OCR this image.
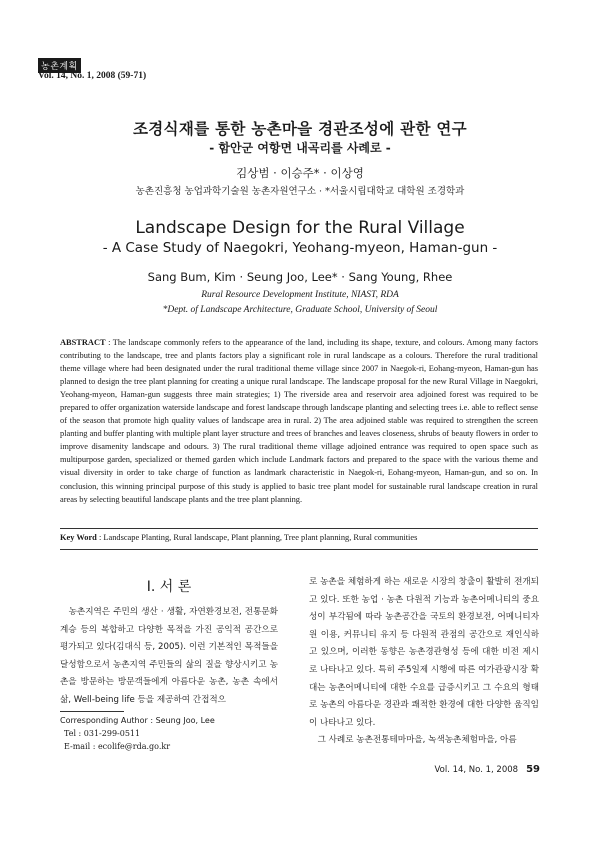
농촌계획
Vol. 14, No. 1, 2008 (59-71)
조경식재를 통한 농촌마을 경관조성에 관한 연구
- 함안군 여항면 내곡리를 사례로 -
김상범 · 이승주* · 이상영
농촌진흥청 농업과학기술원 농촌자원연구소 · *서울시립대학교 대학원 조경학과
Landscape Design for the Rural Village
- A Case Study of Naegokri, Yeohang-myeon, Haman-gun -
Sang Bum, Kim · Seung Joo, Lee* · Sang Young, Rhee
Rural Resource Development Institute, NIAST, RDA
*Dept. of Landscape Architecture, Graduate School, University of Seoul
ABSTRACT : The landscape commonly refers to the appearance of the land, including its shape, texture, and colours. Among many factors contributing to the landscape, tree and plants factors play a significant role in rural landscape as a colours. Therefore the rural traditional theme village where had been designated under the rural traditional theme village since 2007 in Naegok-ri, Eohang-myeon, Haman-gun has planned to design the tree plant planning for creating a unique rural landscape. The landscape proposal for the new Rural Village in Naegokri, Yeohang-myeon, Haman-gun suggests three main strategies; 1) The riverside area and reservoir area adjoined forest was required to be prepared to offer organization waterside landscape and forest landscape through landscape planting and selecting trees i.e. able to reflect sense of the season that promote high quality values of landscape area in rural. 2) The area adjoined stable was required to strengthen the screen planting and buffer planting with multiple plant layer structure and trees of branches and leaves closeness, shrubs of beauty flowers in order to improve disamenity landscape and odours. 3) The rural traditional theme village adjoined entrance was required to open space such as multipurpose garden, specialized or themed garden which include Landmark factors and prepared to the space with the various theme and visual diversity in order to take charge of function as landmark characteristic in Naegok-ri, Eohang-myeon, Haman-gun, and so on. In conclusion, this winning principal purpose of this study is applied to basic tree plant model for sustainable rural landscape creation in rural areas by selecting beautiful landscape plants and the tree plant planning.
Key Word : Landscape Planting, Rural landscape, Plant planning, Tree plant planning, Rural communities
I. 서 론
농촌지역은 주민의 생산 · 생활, 자연환경보전, 전통문화계승 등의 복합하고 다양한 목적을 가진 공익적 공간으로 평가되고 있다(김대식 등, 2005). 이런 기본적인 목적들을 달성함으로서 농촌지역 주민들의 삶의 질을 향상시키고 농촌을 방문하는 방문객들에게 아름다운 농촌, 농촌 속에서 삶, Well-being life 등을 제공하여 간접적으

로 농촌을 체험하게 하는 새로운 시장의 창출이 활발히 전개되고 있다. 또한 농업 · 농촌 다원적 기능과 농촌어메니티의 중요성이 부각됨에 따라 농촌공간을 국토의 환경보전, 어메니티자원 이용, 커뮤니티 유지 등 다원적 관점의 공간으로 재인식하고 있으며, 이러한 동향은 농촌경관형성 등에 대한 비전 제시로 나타나고 있다. 특히 주5일제 시행에 따른 여가관광시장 확대는 농촌어메니티에 대한 수요를 급증시키고 그 수요의 형태로 농촌의 아름다운 경관과 쾌적한 환경에 대한 다양한 움직임이 나타나고 있다.

그 사례로 농촌전통테마마을, 녹색농촌체험마을, 아름

Corresponding Author : Seung Joo, Lee
Tel : 031-299-0511
E-mail : ecolife@rda.go.kr
Vol. 14, No. 1, 2008 59
